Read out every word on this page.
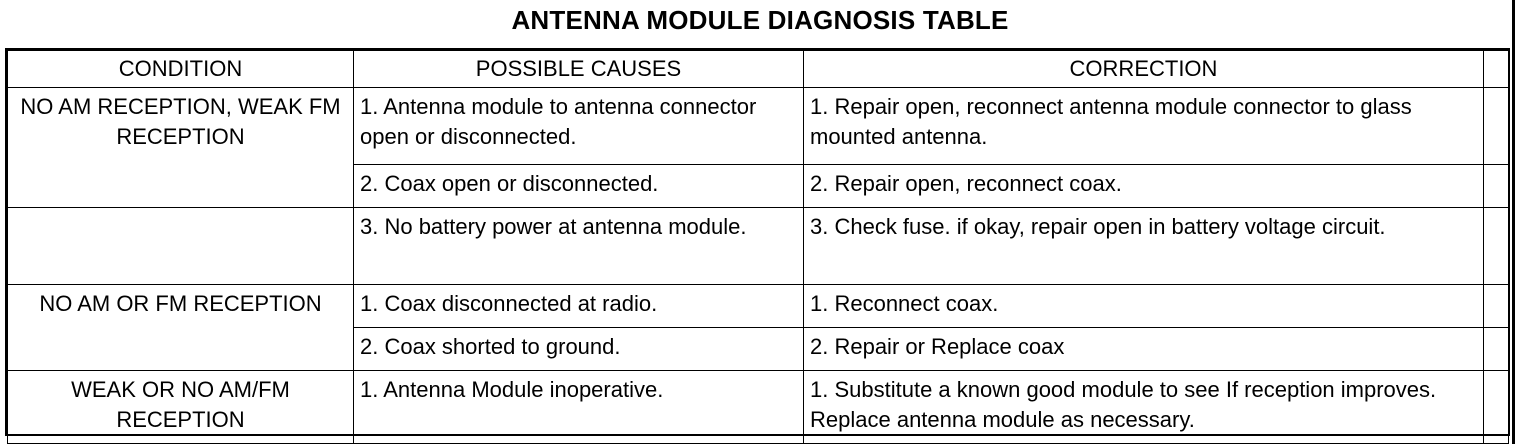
ANTENNA MODULE DIAGNOSIS TABLE
CONDITION	POSSIBLE CAUSES	CORRECTION	
NO AM RECEPTION, WEAK FM RECEPTION	1. Antenna module to antenna connector open or disconnected.	1. Repair open, reconnect antenna module connector to glass mounted antenna.	
	2. Coax open or disconnected.	2. Repair open, reconnect coax.	
	3. No battery power at antenna module.	3. Check fuse. if okay, repair open in battery voltage circuit.	
NO AM OR FM RECEPTION	1. Coax disconnected at radio.	1. Reconnect coax.	
	2. Coax shorted to ground.	2. Repair or Replace coax	
WEAK OR NO AM/FM RECEPTION	1. Antenna Module inoperative.	1. Substitute a known good module to see If reception improves. Replace antenna module as necessary.	
